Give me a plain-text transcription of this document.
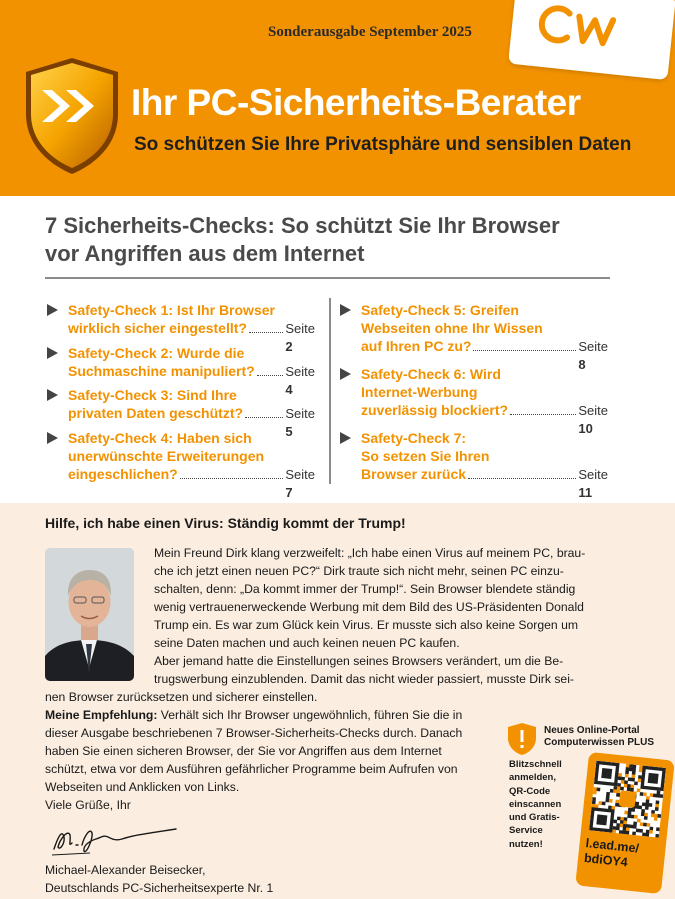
Sonderausgabe September 2025
Ihr PC-Sicherheits-Berater
So schützen Sie Ihre Privatsphäre und sensiblen Daten
7 Sicherheits-Checks: So schützt Sie Ihr Browser
vor Angriffen aus dem Internet
Safety-Check 1: Ist Ihr Browser
wirklich sicher eingestellt?	Seite
2
Safety-Check 2: Wurde die
Suchmaschine manipuliert? Seite
4
Safety-Check 3: Sind Ihre
privaten Daten geschützt?	Seite
5
Safety-Check 4: Haben sich
unerwünschte Erweiterungen
eingeschlichen?	Seite
7
Safety-Check 5: Greifen
Webseiten ohne Ihr Wissen
auf Ihren PC zu?	Seite
8
Safety-Check 6: Wird
Internet-Werbung
zuverlässig blockiert?	Seite
10
Safety-Check 7:
So setzen Sie Ihren
Browser zurück	Seite
11
Hilfe, ich habe einen Virus: Ständig kommt der Trump!

Mein Freund Dirk klang verzweifelt: „Ich habe einen Virus auf meinem PC, brau-

che ich jetzt einen neuen PC?“ Dirk traute sich nicht mehr, seinen PC einzu-

schalten, denn: „Da kommt immer der Trump!“. Sein Browser blendete ständig

wenig vertrauenerweckende Werbung mit dem Bild des US-Präsidenten Donald

Trump ein. Es war zum Glück kein Virus. Er musste sich also keine Sorgen um

seine Daten machen und auch keinen neuen PC kaufen.

Aber jemand hatte die Einstellungen seines Browsers verändert, um die Be-

trugswerbung einzublenden. Damit das nicht wieder passiert, musste Dirk sei-

nen Browser zurücksetzen und sicherer einstellen.

Meine Empfehlung: Verhält sich Ihr Browser ungewöhnlich, führen Sie die in

dieser Ausgabe beschriebenen 7 Browser-Sicherheits-Checks durch. Danach

haben Sie einen sicheren Browser, der Sie vor Angriffen aus dem Internet

schützt, etwa vor dem Ausführen gefährlicher Programme beim Aufrufen von

Webseiten und Anklicken von Links.

Viele Grüße, Ihr

Michael-Alexander Beisecker,
Deutschlands PC-Sicherheitsexperte Nr. 1
Neues Online-Portal
Computerwissen PLUS
Blitzschnell
anmelden,
QR-Code
einscannen
und Gratis-
Service
nutzen!	l.ead.me/
bdiOY4
